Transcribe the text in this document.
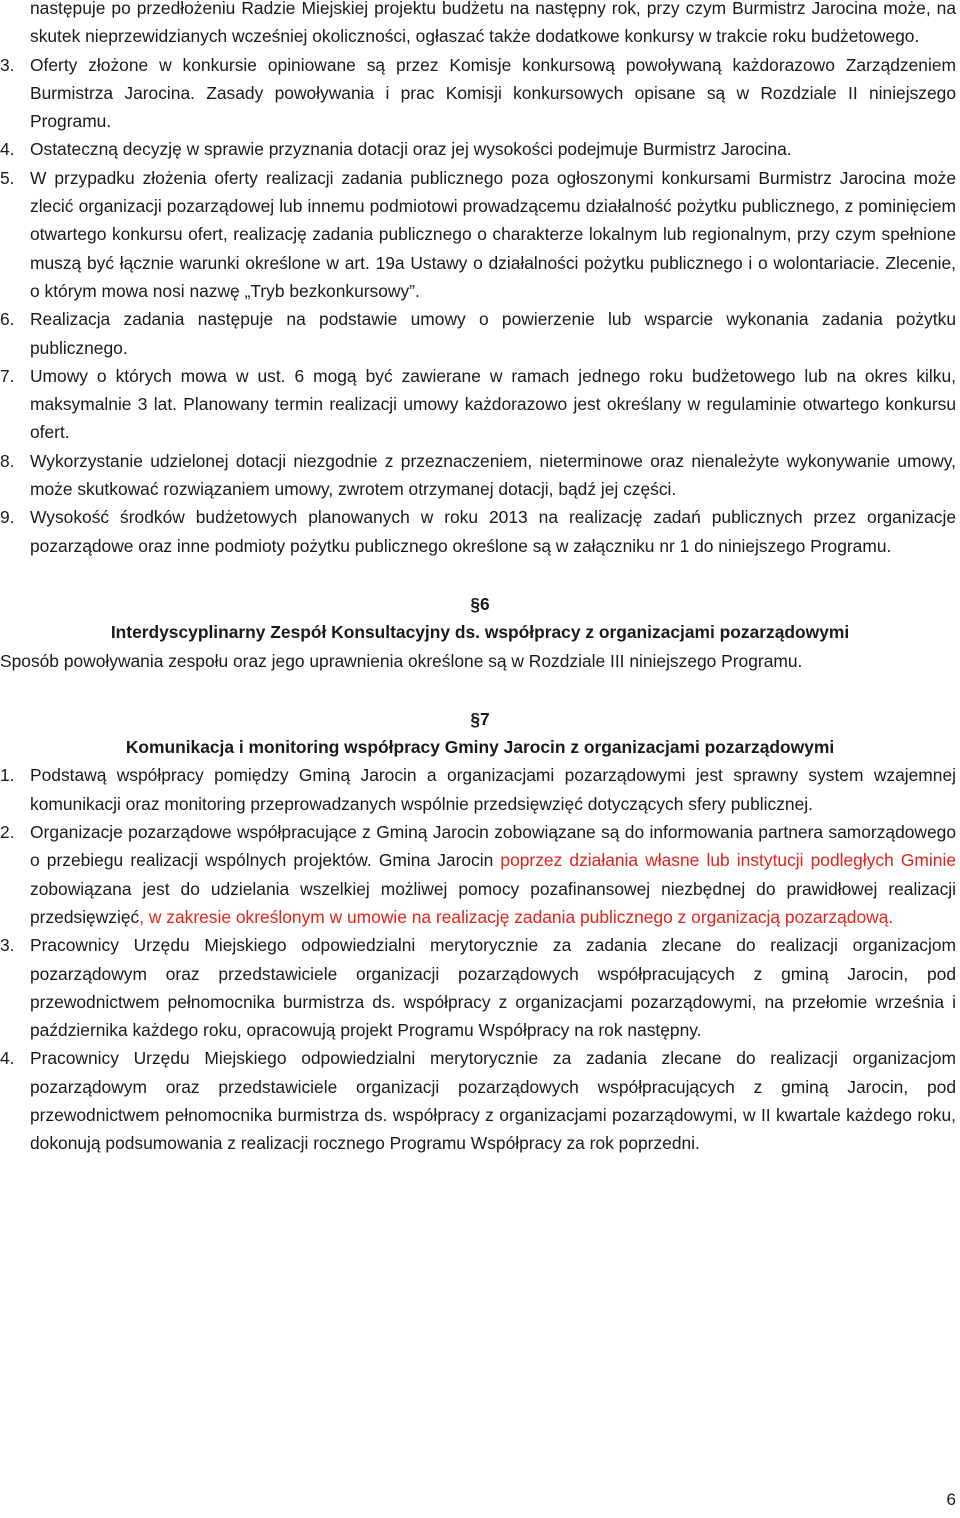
następuje po przedłożeniu Radzie Miejskiej projektu budżetu na następny rok, przy czym Burmistrz Jarocina może, na skutek nieprzewidzianych wcześniej okoliczności, ogłaszać także dodatkowe konkursy w trakcie roku budżetowego.
3. Oferty złożone w konkursie opiniowane są przez Komisje konkursową powoływaną każdorazowo Zarządzeniem Burmistrza Jarocina. Zasady powoływania i prac Komisji konkursowych opisane są w Rozdziale II niniejszego Programu.
4. Ostateczną decyzję w sprawie przyznania dotacji oraz jej wysokości podejmuje Burmistrz Jarocina.
5. W przypadku złożenia oferty realizacji zadania publicznego poza ogłoszonymi konkursami Burmistrz Jarocina może zlecić organizacji pozarządowej lub innemu podmiotowi prowadzącemu działalność pożytku publicznego, z pominięciem otwartego konkursu ofert, realizację zadania publicznego o charakterze lokalnym lub regionalnym, przy czym spełnione muszą być łącznie warunki określone w art. 19a Ustawy o działalności pożytku publicznego i o wolontariacie. Zlecenie, o którym mowa nosi nazwę „Tryb bezkonkursowy”.
6. Realizacja zadania następuje na podstawie umowy o powierzenie lub wsparcie wykonania zadania pożytku publicznego.
7. Umowy o których mowa w ust. 6 mogą być zawierane w ramach jednego roku budżetowego lub na okres kilku, maksymalnie 3 lat. Planowany termin realizacji umowy każdorazowo jest określany w regulaminie otwartego konkursu ofert.
8. Wykorzystanie udzielonej dotacji niezgodnie z przeznaczeniem, nieterminowe oraz nienależyte wykonywanie umowy, może skutkować rozwiązaniem umowy, zwrotem otrzymanej dotacji, bądź jej części.
9. Wysokość środków budżetowych planowanych w roku 2013 na realizację zadań publicznych przez organizacje pozarządowe oraz inne podmioty pożytku publicznego określone są w załączniku nr 1 do niniejszego Programu.
§6
Interdyscyplinarny Zespół Konsultacyjny ds. współpracy z organizacjami pozarządowymi
Sposób powoływania zespołu oraz jego uprawnienia określone są w Rozdziale III niniejszego Programu.
§7
Komunikacja i monitoring współpracy Gminy Jarocin z organizacjami pozarządowymi
1. Podstawą współpracy pomiędzy Gminą Jarocin a organizacjami pozarządowymi jest sprawny system wzajemnej komunikacji oraz monitoring przeprowadzanych wspólnie przedsięwzięć dotyczących sfery publicznej.
2. Organizacje pozarządowe współpracujące z Gminą Jarocin zobowiązane są do informowania partnera samorządowego o przebiegu realizacji wspólnych projektów. Gmina Jarocin poprzez działania własne lub instytucji podległych Gminie zobowiązana jest do udzielania wszelkiej możliwej pomocy pozafinansowej niezbędnej do prawidłowej realizacji przedsięwzięć, w zakresie określonym w umowie na realizację zadania publicznego z organizacją pozarządową.
3. Pracownicy Urzędu Miejskiego odpowiedzialni merytorycznie za zadania zlecane do realizacji organizacjom pozarządowym oraz przedstawiciele organizacji pozarządowych współpracujących z gminą Jarocin, pod przewodnictwem pełnomocnika burmistrza ds. współpracy z organizacjami pozarządowymi, na przełomie września i października każdego roku, opracowują projekt Programu Współpracy na rok następny.
4. Pracownicy Urzędu Miejskiego odpowiedzialni merytorycznie za zadania zlecane do realizacji organizacjom pozarządowym oraz przedstawiciele organizacji pozarządowych współpracujących z gminą Jarocin, pod przewodnictwem pełnomocnika burmistrza ds. współpracy z organizacjami pozarządowymi, w II kwartale każdego roku, dokonują podsumowania z realizacji rocznego Programu Współpracy za rok poprzedni.
6
